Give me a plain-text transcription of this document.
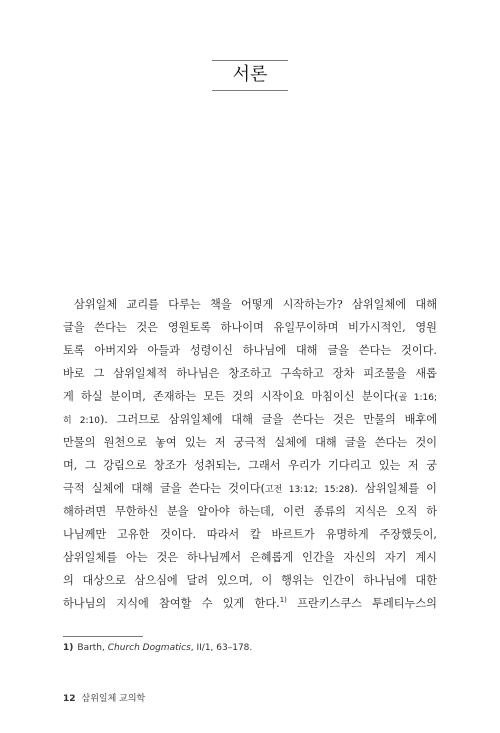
서론

삼위일체 교리를 다루는 책을 어떻게 시작하는가? 삼위일체에 대해
글을 쓴다는 것은 영원토록 하나이며 유일무이하며 비가시적인, 영원
토록 아버지와 아들과 성령이신 하나님에 대해 글을 쓴다는 것이다.
바로 그 삼위일체적 하나님은 창조하고 구속하고 장차 피조물을 새롭
게 하실 분이며, 존재하는 모든 것의 시작이요 마침이신 분이다(골 1:16;
히 2:10). 그러므로 삼위일체에 대해 글을 쓴다는 것은 만물의 배후에
만물의 원천으로 놓여 있는 저 궁극적 실체에 대해 글을 쓴다는 것이
며, 그 강림으로 창조가 성취되는, 그래서 우리가 기다리고 있는 저 궁
극적 실체에 대해 글을 쓴다는 것이다(고전 13:12; 15:28). 삼위일체를 이
해하려면 무한하신 분을 알아야 하는데, 이런 종류의 지식은 오직 하
나님께만 고유한 것이다. 따라서 칼 바르트가 유명하게 주장했듯이,
삼위일체를 아는 것은 하나님께서 은혜롭게 인간을 자신의 자기 계시
의 대상으로 삼으심에 달려 있으며, 이 행위는 인간이 하나님에 대한
하나님의 지식에 참여할 수 있게 한다.$^{1)}$ 프란키스쿠스 투레티누스의

1) Barth, Church Dogmatics, II/1, 63–178.

12 삼위일체 교의학
